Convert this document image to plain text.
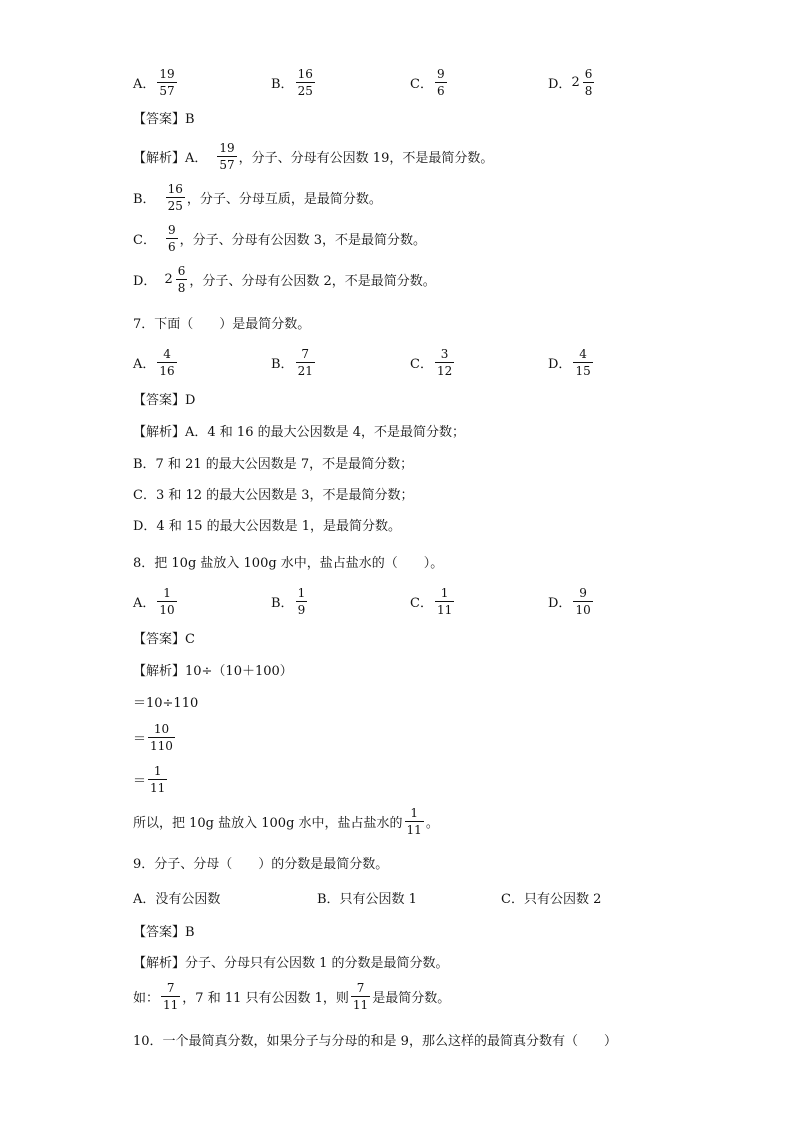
A． $\frac{19}{57}$	B． $\frac{16}{25}$	C． $\frac{9}{6}$	D． $2 \frac{6}{8}$
【答案】B
【解析】A． $\frac{19}{57}$ ，分子、分母有公因数 19，不是最简分数。
B． $\frac{16}{25}$ ，分子、分母互质，是最简分数。
C． $\frac{9}{6}$ ，分子、分母有公因数 3，不是最简分数。
D． $2 \frac{6}{8}$ ，分子、分母有公因数 2，不是最简分数。
7．下面（　　）是最简分数。
A． $\frac{4}{16}$	B． $\frac{7}{21}$	C． $\frac{3}{12}$	D． $\frac{4}{15}$
【答案】D
【解析】A．4 和 16 的最大公因数是 4，不是最简分数；
B．7 和 21 的最大公因数是 7，不是最简分数；
C．3 和 12 的最大公因数是 3，不是最简分数；
D．4 和 15 的最大公因数是 1，是最简分数。
8．把 10g 盐放入 100g 水中，盐占盐水的（　　）。
A． $\frac{1}{10}$	B． $\frac{1}{9}$	C． $\frac{1}{11}$	D． $\frac{9}{10}$
【答案】C
【解析】10÷（10＋100）
＝10÷110
＝ $\frac{10}{110}$
＝ $\frac{1}{11}$
所以，把 10g 盐放入 100g 水中，盐占盐水的 $\frac{1}{11}$ 。
9．分子、分母（　　）的分数是最简分数。
A．没有公因数	B．只有公因数 1	C．只有公因数 2
【答案】B
【解析】分子、分母只有公因数 1 的分数是最简分数。
如： $\frac{7}{11}$ ，7 和 11 只有公因数 1，则 $\frac{7}{11}$ 是最简分数。
10．一个最简真分数，如果分子与分母的和是 9，那么这样的最简真分数有（　　）
